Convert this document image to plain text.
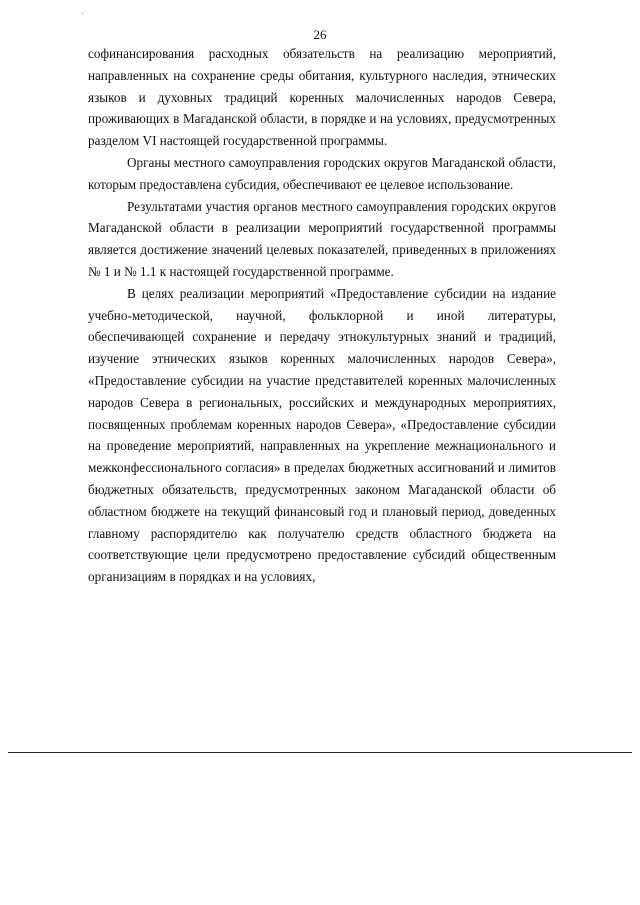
26

софинансирования расходных обязательств на реализацию мероприятий, направленных на сохранение среды обитания, культурного наследия, этнических языков и духовных традиций коренных малочисленных народов Севера, проживающих в Магаданской области, в порядке и на условиях, предусмотренных разделом VI настоящей государственной программы.

Органы местного самоуправления городских округов Магаданской области, которым предоставлена субсидия, обеспечивают ее целевое использование.

Результатами участия органов местного самоуправления городских округов Магаданской области в реализации мероприятий государственной программы является достижение значений целевых показателей, приведенных в приложениях № 1 и № 1.1 к настоящей государственной программе.

В целях реализации мероприятий «Предоставление субсидии на издание учебно-методической, научной, фольклорной и иной литературы, обеспечивающей сохранение и передачу этнокультурных знаний и традиций, изучение этнических языков коренных малочисленных народов Севера», «Предоставление субсидии на участие представителей коренных малочисленных народов Севера в региональных, российских и международных мероприятиях, посвященных проблемам коренных народов Севера», «Предоставление субсидии на проведение мероприятий, направленных на укрепление межнационального и межконфессионального согласия» в пределах бюджетных ассигнований и лимитов бюджетных обязательств, предусмотренных законом Магаданской области об областном бюджете на текущий финансовый год и плановый период, доведенных главному распорядителю как получателю средств областного бюджета на соответствующие цели предусмотрено предоставление субсидий общественным организациям в порядках и на условиях,
